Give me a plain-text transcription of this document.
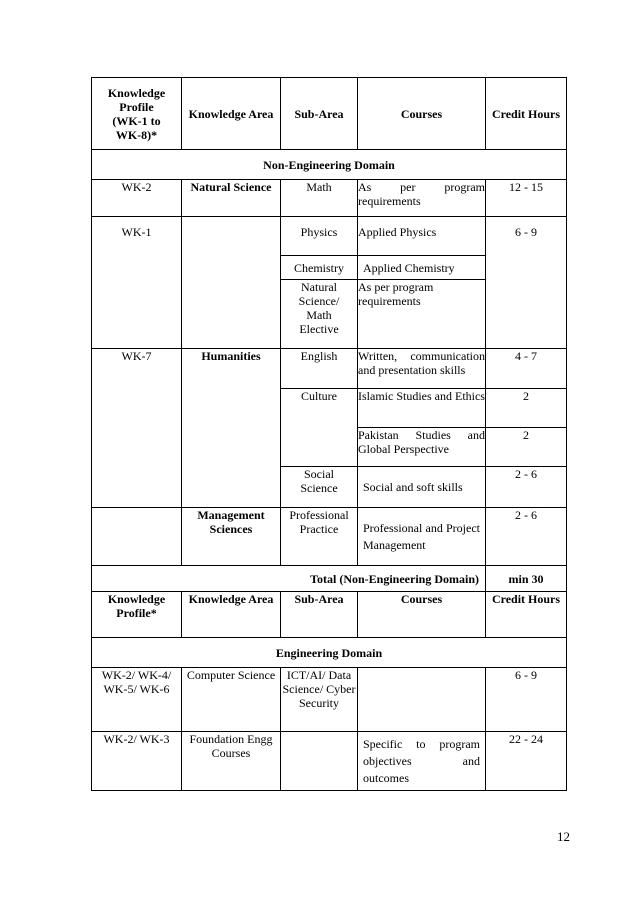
Knowledge Profile (WK-1 to WK-8)*	Knowledge Area	Sub-Area	Courses	Credit Hours
Non-Engineering Domain				
WK-2	Natural Science	Math	As per program requirements	12 - 15
WK-1		Physics	Applied Physics	6 - 9
		Chemistry	Applied Chemistry	
		Natural Science/ Math Elective	As per program requirements	
WK-7	Humanities	English	Written, communication and presentation skills	4 - 7
		Culture	Islamic Studies and Ethics	2
			Pakistan Studies and Global Perspective	2
		Social Science	Social and soft skills	2 - 6
	Management Sciences	Professional Practice	Professional and Project Management	2 - 6
Total (Non-Engineering Domain)				min 30
Knowledge Profile*	Knowledge Area	Sub-Area	Courses	Credit Hours
Engineering Domain				
WK-2/ WK-4/ WK-5/ WK-6	Computer Science	ICT/AI/ Data Science/ Cyber Security		6 - 9
WK-2/ WK-3	Foundation Engg Courses		Specific to program objectives and outcomes	22 - 24
12
